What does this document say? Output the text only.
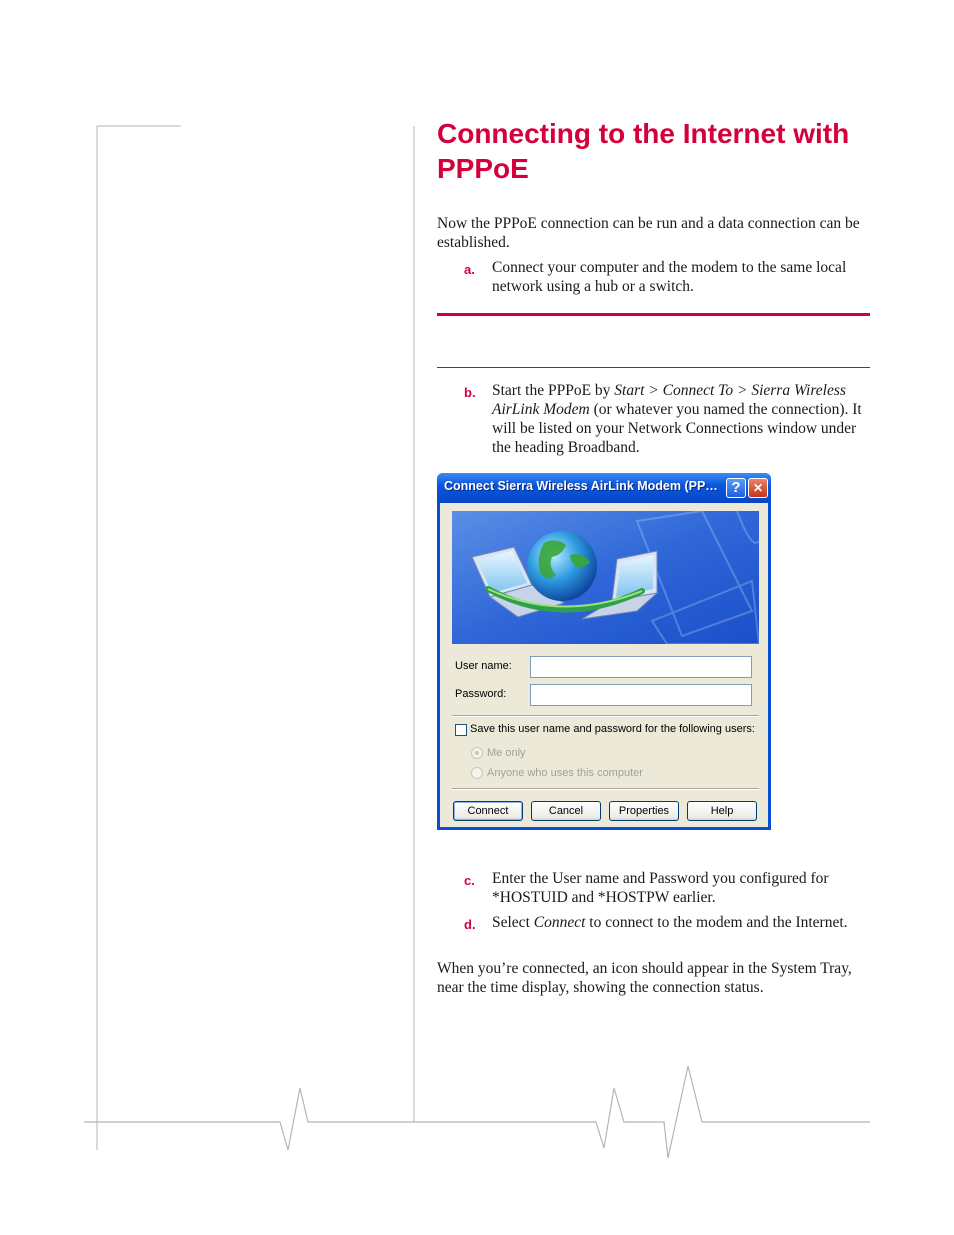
Connecting to the Internet with PPPoE

Now the PPPoE connection can be run and a data connection can be established.

a. Connect your computer and the modem to the same local network using a hub or a switch.

b. Start the PPPoE by Start > Connect To > Sierra Wireless AirLink Modem (or whatever you named the connection). It will be listed on your Network Connections window under the heading Broadband.

Connect Sierra Wireless AirLink Modem (PP… ?	✕
User name:
Password:
Save this user name and password for the following users:
Me only
Anyone who uses this computer
Connect	Cancel	Properties	Help
c. Enter the User name and Password you configured for *HOSTUID and *HOSTPW earlier.

d. Select Connect to connect to the modem and the Internet.

When you’re connected, an icon should appear in the System Tray, near the time display, showing the connection status.
